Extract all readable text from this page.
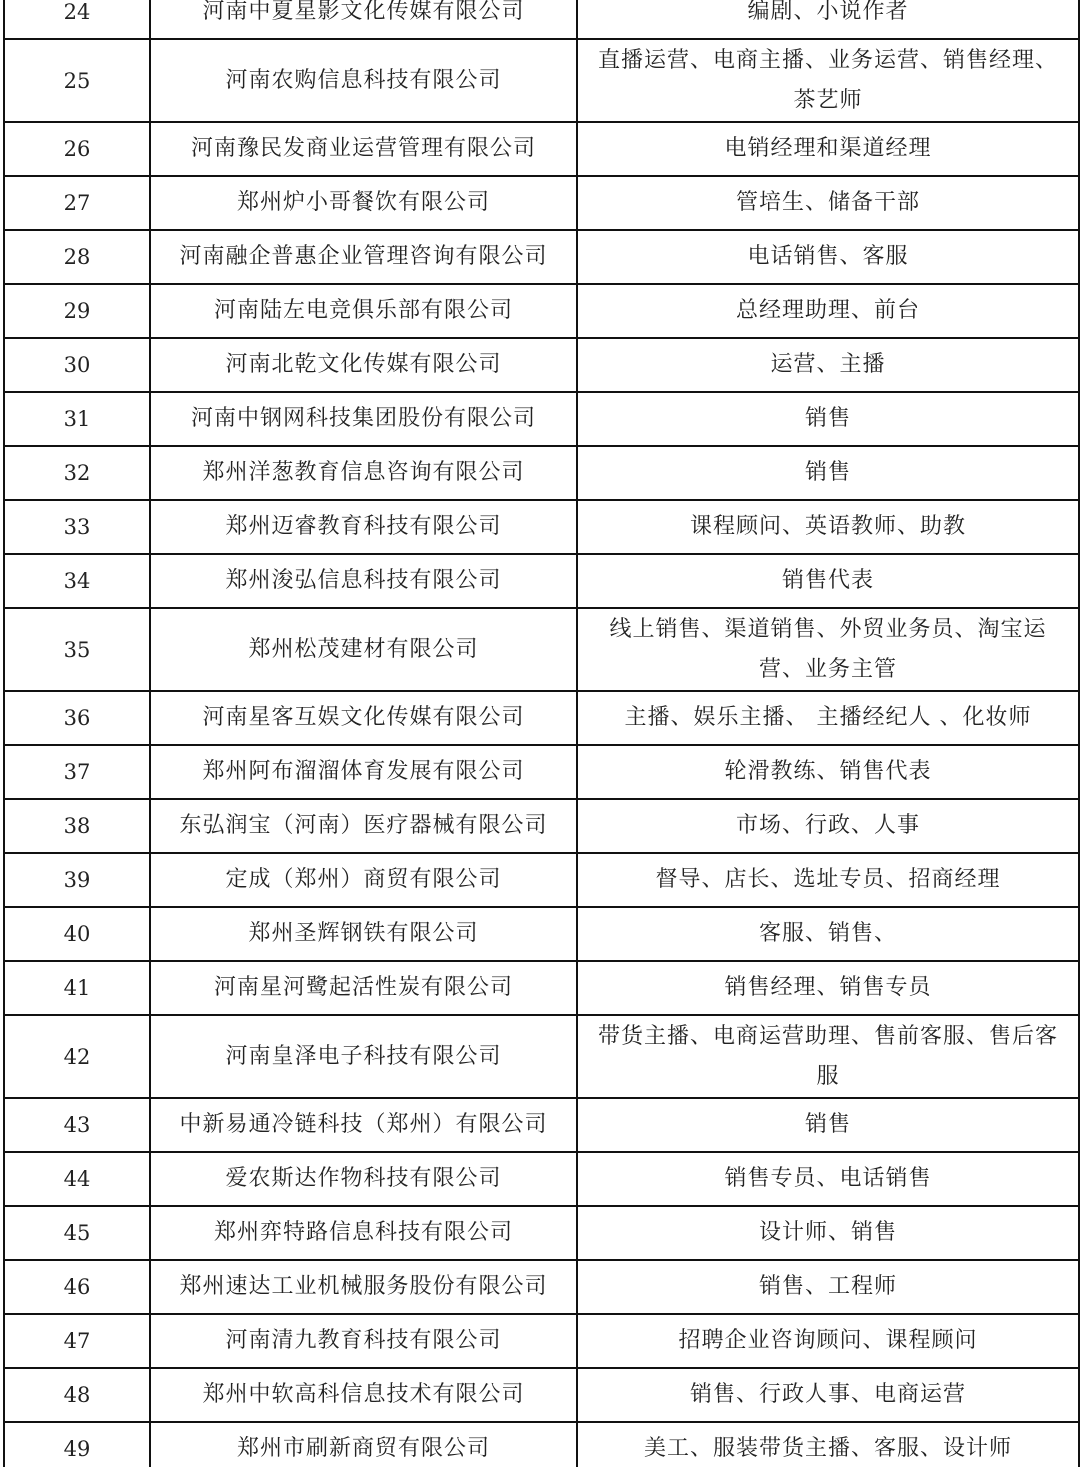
24	河南中夏星影文化传媒有限公司	编剧、小说作者
25	河南农购信息科技有限公司	直播运营、电商主播、业务运营、销售经理、茶艺师
26	河南豫民发商业运营管理有限公司	电销经理和渠道经理
27	郑州炉小哥餐饮有限公司	管培生、储备干部
28	河南融企普惠企业管理咨询有限公司	电话销售、客服
29	河南陆左电竞俱乐部有限公司	总经理助理、前台
30	河南北乾文化传媒有限公司	运营、主播
31	河南中钢网科技集团股份有限公司	销售
32	郑州洋葱教育信息咨询有限公司	销售
33	郑州迈睿教育科技有限公司	课程顾问、英语教师、助教
34	郑州浚弘信息科技有限公司	销售代表
35	郑州松茂建材有限公司	线上销售、渠道销售、外贸业务员、淘宝运营、业务主管
36	河南星客互娱文化传媒有限公司	主播、娱乐主播、 主播经纪人 、化妆师
37	郑州阿布溜溜体育发展有限公司	轮滑教练、销售代表
38	东弘润宝（河南）医疗器械有限公司	市场、行政、人事
39	定成（郑州）商贸有限公司	督导、店长、选址专员、招商经理
40	郑州圣辉钢铁有限公司	客服、销售、
41	河南星河鹭起活性炭有限公司	销售经理、销售专员
42	河南皇泽电子科技有限公司	带货主播、电商运营助理、售前客服、售后客服
43	中新易通冷链科技（郑州）有限公司	销售
44	爱农斯达作物科技有限公司	销售专员、电话销售
45	郑州弈特路信息科技有限公司	设计师、销售
46	郑州速达工业机械服务股份有限公司	销售、工程师
47	河南清九教育科技有限公司	招聘企业咨询顾问、课程顾问
48	郑州中软高科信息技术有限公司	销售、行政人事、电商运营
49	郑州市刷新商贸有限公司	美工、服装带货主播、客服、设计师
